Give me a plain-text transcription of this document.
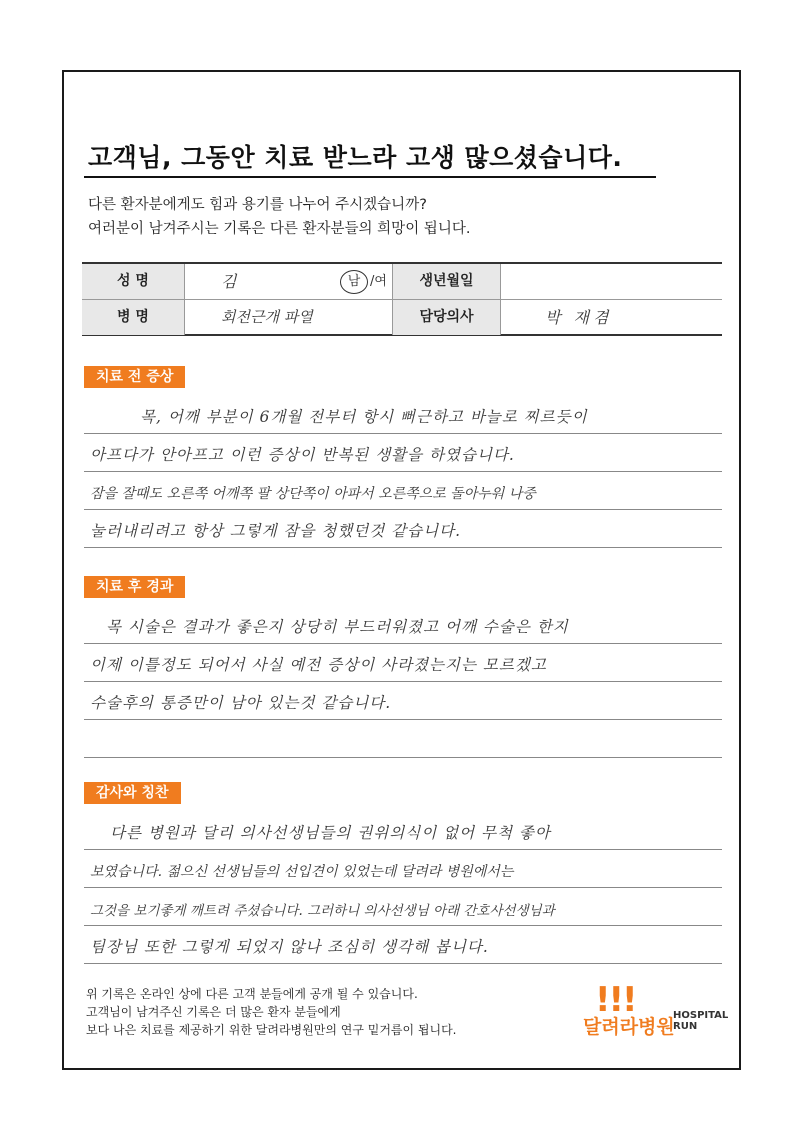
고객님, 그동안 치료 받느라 고생 많으셨습니다.
다른 환자분에게도 힘과 용기를 나누어 주시겠습니까?
여러분이 남겨주시는 기록은 다른 환자분들의 희망이 됩니다.
성 명	김	남 /여	생년월일
병 명	회전근개 파열	담당의사	박 재겸
치료 전 증상
목, 어깨 부분이 6개월 전부터 항시 뻐근하고 바늘로 찌르듯이
아프다가 안아프고 이런 증상이 반복된 생활을 하였습니다.
잠을 잘때도 오른쪽 어깨쪽 팔 상단쪽이 아파서 오른쪽으로 돌아누워 나중
눌러내리려고 항상 그렇게 잠을 청했던것 같습니다.
치료 후 경과
목 시술은 결과가 좋은지 상당히 부드러워졌고 어깨 수술은 한지
이제 이틀정도 되어서 사실 예전 증상이 사라졌는지는 모르겠고
수술후의 통증만이 남아 있는것 같습니다.
감사와 칭찬
다른 병원과 달리 의사선생님들의 권위의식이 없어 무척 좋아
보였습니다. 젊으신 선생님들의 선입견이 있었는데 달려라 병원에서는
그것을 보기좋게 깨트려 주셨습니다. 그러하니 의사선생님 아래 간호사선생님과
팀장님 또한 그렇게 되었지 않나 조심히 생각해 봅니다.
위 기록은 온라인 상에 다른 고객 분들에게 공개 될 수 있습니다.
고객님이 남겨주신 기록은 더 많은 환자 분들에게
보다 나은 치료를 제공하기 위한 달려라병원만의 연구 밑거름이 됩니다.
!!!
달려라병원
HOSPITAL
RUN
